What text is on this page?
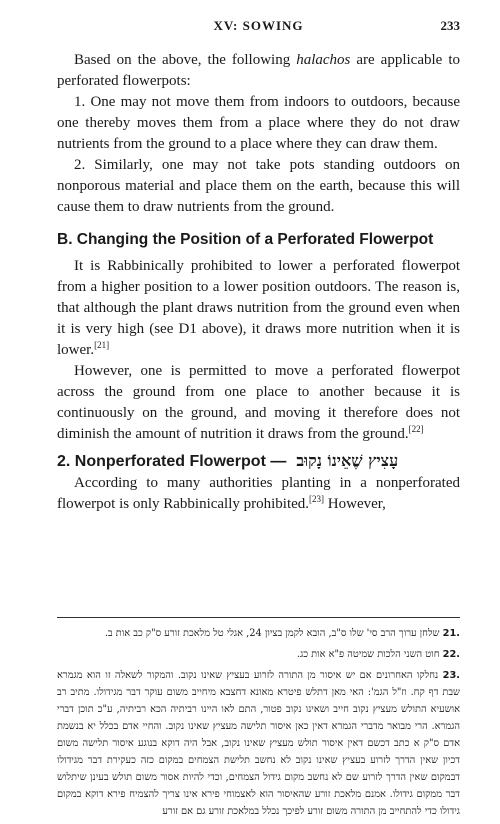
XV: SOWING	233

Based on the above, the following halachos are applicable to perforated flowerpots:

1. One may not move them from indoors to outdoors, because one thereby moves them from a place where they do not draw nutrients from the ground to a place where they can draw them.

2. Similarly, one may not take pots standing outdoors on nonporous material and place them on the earth, because this will cause them to draw nutrients from the ground.

B. Changing the Position of a Perforated Flowerpot

It is Rabbinically prohibited to lower a perforated flowerpot from a higher position to a lower position outdoors. The reason is, that although the plant draws nutrition from the ground even when it is very high (see D1 above), it draws more nutrition when it is lower.[21]

However, one is permitted to move a perforated flowerpot across the ground from one place to another because it is continuously on the ground, and moving it therefore does not diminish the amount of nutrition it draws from the ground.[22]

2. Nonperforated Flowerpot — עָצִיץ שֶׁאֵינוֹ נָקוּב

According to many authorities planting in a nonperforated flowerpot is only Rabbinically prohibited.[23] However,

.21 שלחן ערוך הרב סי' שלו ס"ב, הובא לקמן בציון 24, אגלי טל מלאכת זורע ס"ק כב אות ב.

.22 חוט השני הלכות שמיטה פ"א אות כג.

.23 נחלקו האחרונים אם יש איסור מן התורה לזרוע בעציץ שאינו נקוב. והמקור לשאלה זו הוא מגמרא שבת דף קח. וז"ל הגמ': האי מאן דתלש פיטרא מאונא דחצבא מיחייב משום עוקר דבר מגידולו. מתיב רב אושעיא התולש מעציץ נקוב חייב ושאינו נקוב פטור, התם לאו היינו רביתיה הכא רביתיה, ע"כ תוכן דברי הגמרא. הרי מבואר מדברי הגמרא דאין כאן איסור תלישה מעציץ שאינו נקוב. והחיי אדם בכלל יא בנשמת אדם ס"ק א כתב דכשם דאין איסור תולש מעציץ שאינו נקוב, אבל היה דוקא בנוגע איסור תלישה משום דכיון שאין הדרך לזרוע בעציץ שאינו נקוב לא נחשב תלישת הצמחים במקום כזה כעקירת דבר מגידולו דבמקום שאין הדרך לזרוע שם לא נחשב מקום גידול הצמחים, וכדי להיות אסור משום תולש בעינן שיתלוש דבר ממקום גידולו. אמנם מלאכת זורע שהאיסור הוא לאצמוחי פירא אינו צריך להצמיח פירא דוקא במקום גידולו כדי להתחייב מן התורה משום זורע לפיכך נכלל במלאכת זורע גם אם זורע
